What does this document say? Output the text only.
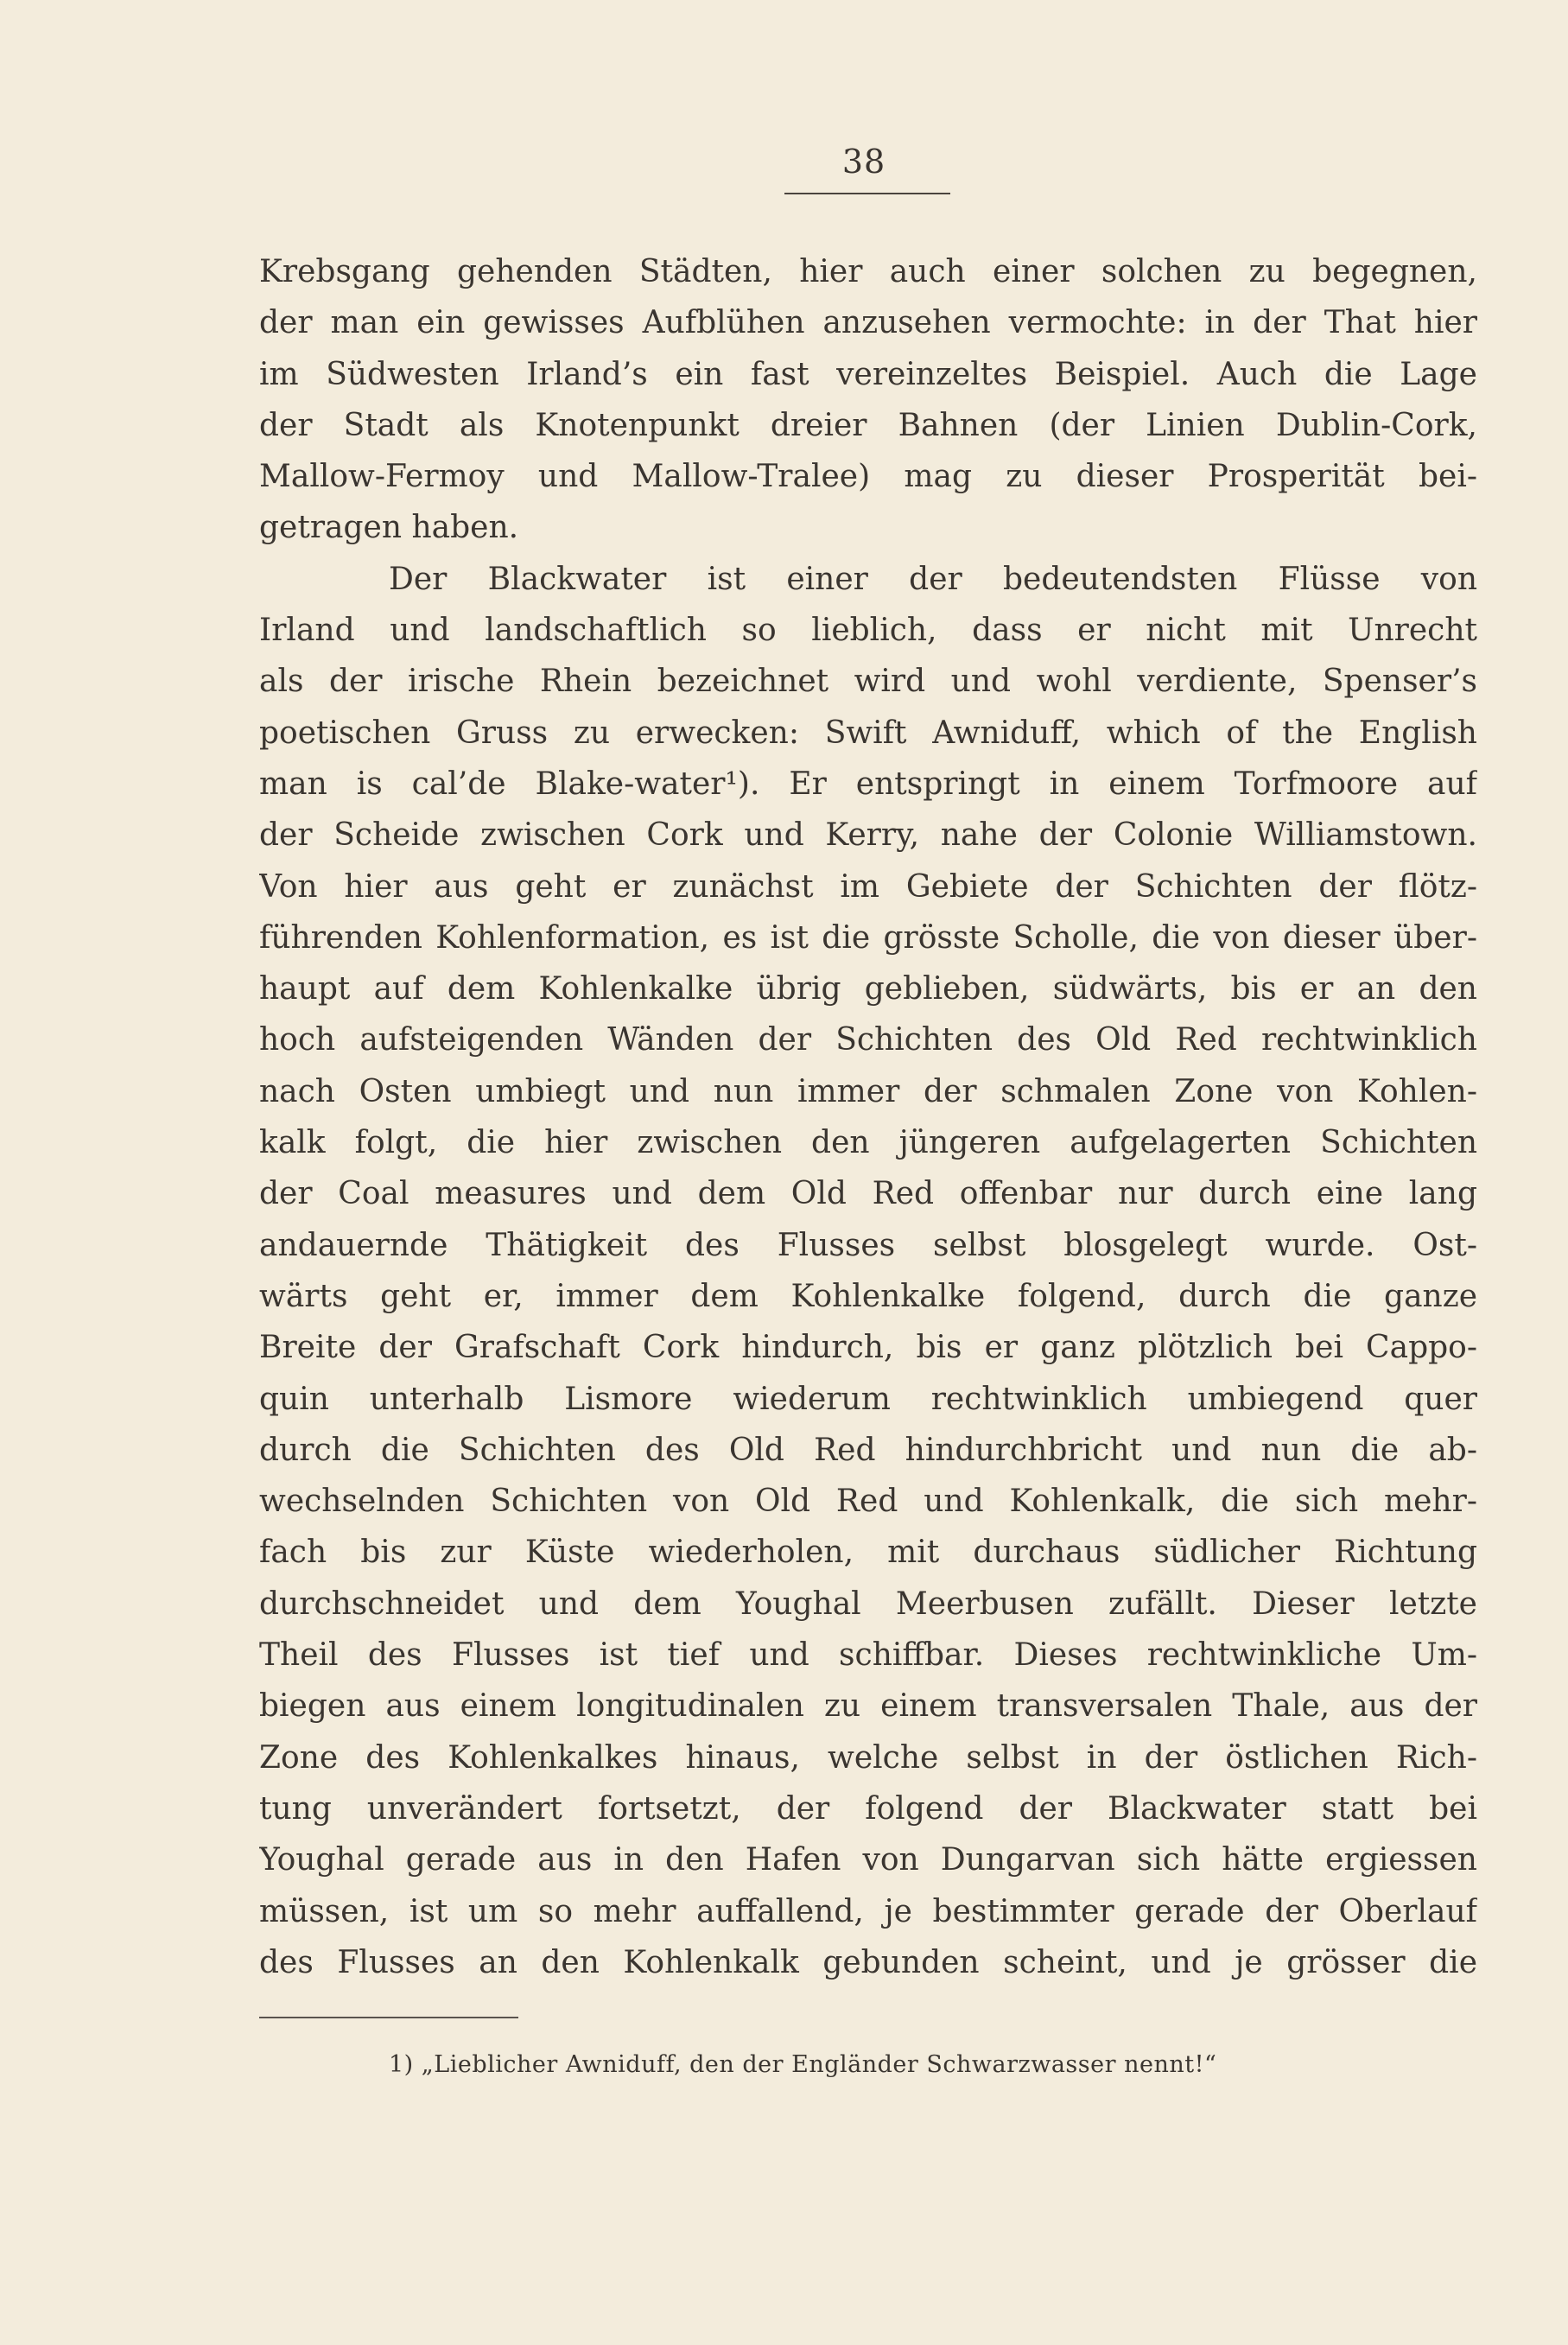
38
Krebsgang gehenden Städten, hier auch einer solchen zu begegnen,
der man ein gewisses Aufblühen anzusehen vermochte: in der That hier
im Südwesten Irland’s ein fast vereinzeltes Beispiel. Auch die Lage
der Stadt als Knotenpunkt dreier Bahnen (der Linien Dublin-Cork,
Mallow-Fermoy und Mallow-Tralee) mag zu dieser Prosperität bei-
getragen haben.
Der Blackwater ist einer der bedeutendsten Flüsse von
Irland und landschaftlich so lieblich, dass er nicht mit Unrecht
als der irische Rhein bezeichnet wird und wohl verdiente, Spenser’s
poetischen Gruss zu erwecken: Swift Awniduff, which of the English
man is cal’de Blake-water¹). Er entspringt in einem Torfmoore auf
der Scheide zwischen Cork und Kerry, nahe der Colonie Williamstown.
Von hier aus geht er zunächst im Gebiete der Schichten der flötz-
führenden Kohlenformation, es ist die grösste Scholle, die von dieser über-
haupt auf dem Kohlenkalke übrig geblieben, südwärts, bis er an den
hoch aufsteigenden Wänden der Schichten des Old Red rechtwinklich
nach Osten umbiegt und nun immer der schmalen Zone von Kohlen-
kalk folgt, die hier zwischen den jüngeren aufgelagerten Schichten
der Coal measures und dem Old Red offenbar nur durch eine lang
andauernde Thätigkeit des Flusses selbst blosgelegt wurde. Ost-
wärts geht er, immer dem Kohlenkalke folgend, durch die ganze
Breite der Grafschaft Cork hindurch, bis er ganz plötzlich bei Cappo-
quin unterhalb Lismore wiederum rechtwinklich umbiegend quer
durch die Schichten des Old Red hindurchbricht und nun die ab-
wechselnden Schichten von Old Red und Kohlenkalk, die sich mehr-
fach bis zur Küste wiederholen, mit durchaus südlicher Richtung
durchschneidet und dem Youghal Meerbusen zufällt. Dieser letzte
Theil des Flusses ist tief und schiffbar. Dieses rechtwinkliche Um-
biegen aus einem longitudinalen zu einem transversalen Thale, aus der
Zone des Kohlenkalkes hinaus, welche selbst in der östlichen Rich-
tung unverändert fortsetzt, der folgend der Blackwater statt bei
Youghal gerade aus in den Hafen von Dungarvan sich hätte ergiessen
müssen, ist um so mehr auffallend, je bestimmter gerade der Oberlauf
des Flusses an den Kohlenkalk gebunden scheint, und je grösser die
1) „Lieblicher Awniduff, den der Engländer Schwarzwasser nennt!“
